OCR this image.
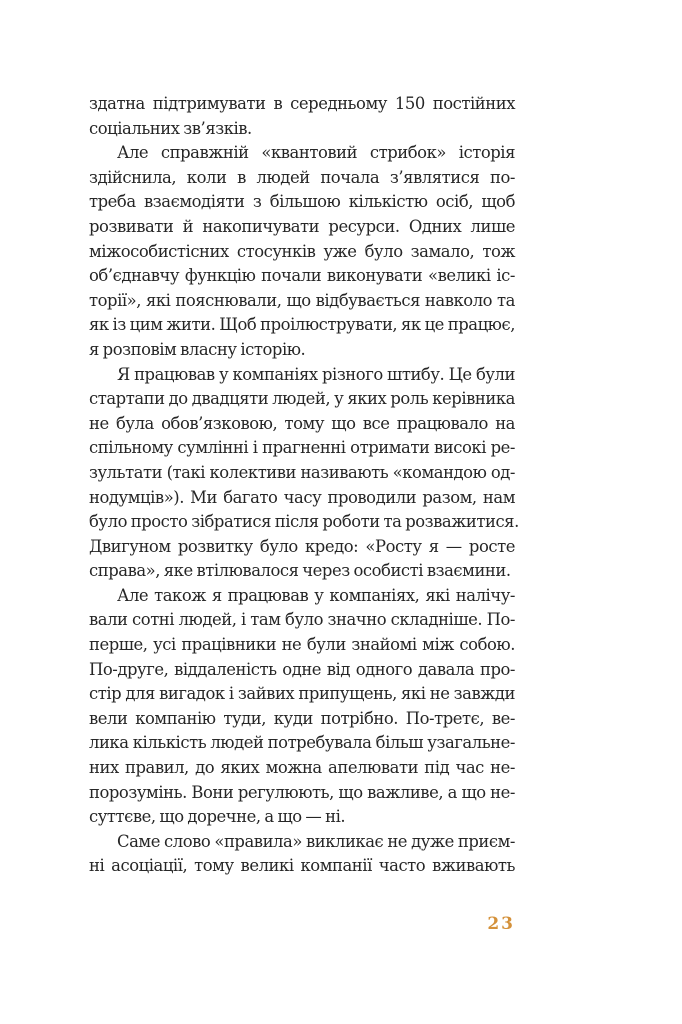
здатна підтримувати в середньому 150 постійних
соціальних зв’язків.
Але справжній «квантовий стрибок» історія
здійснила, коли в людей почала з’являтися по-
треба взаємодіяти з більшою кількістю осіб, щоб
розвивати й накопичувати ресурси. Одних лише
міжособистісних стосунків уже було замало, тож
об’єднавчу функцію почали виконувати «великі іс-
торії», які пояснювали, що відбувається навколо та
як із цим жити. Щоб проілюструвати, як це працює,
я розповім власну історію.
Я працював у компаніях різного штибу. Це були
стартапи до двадцяти людей, у яких роль керівника
не була обов’язковою, тому що все працювало на
спільному сумлінні і прагненні отримати високі ре-
зультати (такі колективи називають «командою од-
нодумців»). Ми багато часу проводили разом, нам
було просто зібратися після роботи та розважитися.
Двигуном розвитку було кредо: «Росту я — росте
справа», яке втілювалося через особисті взаємини.
Але також я працював у компаніях, які налічу-
вали сотні людей, і там було значно складніше. По-
перше, усі працівники не були знайомі між собою.
По-друге, віддаленість одне від одного давала про-
стір для вигадок і зайвих припущень, які не завжди
вели компанію туди, куди потрібно. По-третє, ве-
лика кількість людей потребувала більш узагальне-
них правил, до яких можна апелювати під час не-
порозумінь. Вони регулюють, що важливе, а що не-
суттєве, що доречне, а що — ні.
Саме слово «правила» викликає не дуже приєм-
ні асоціації, тому великі компанії часто вживають
23
